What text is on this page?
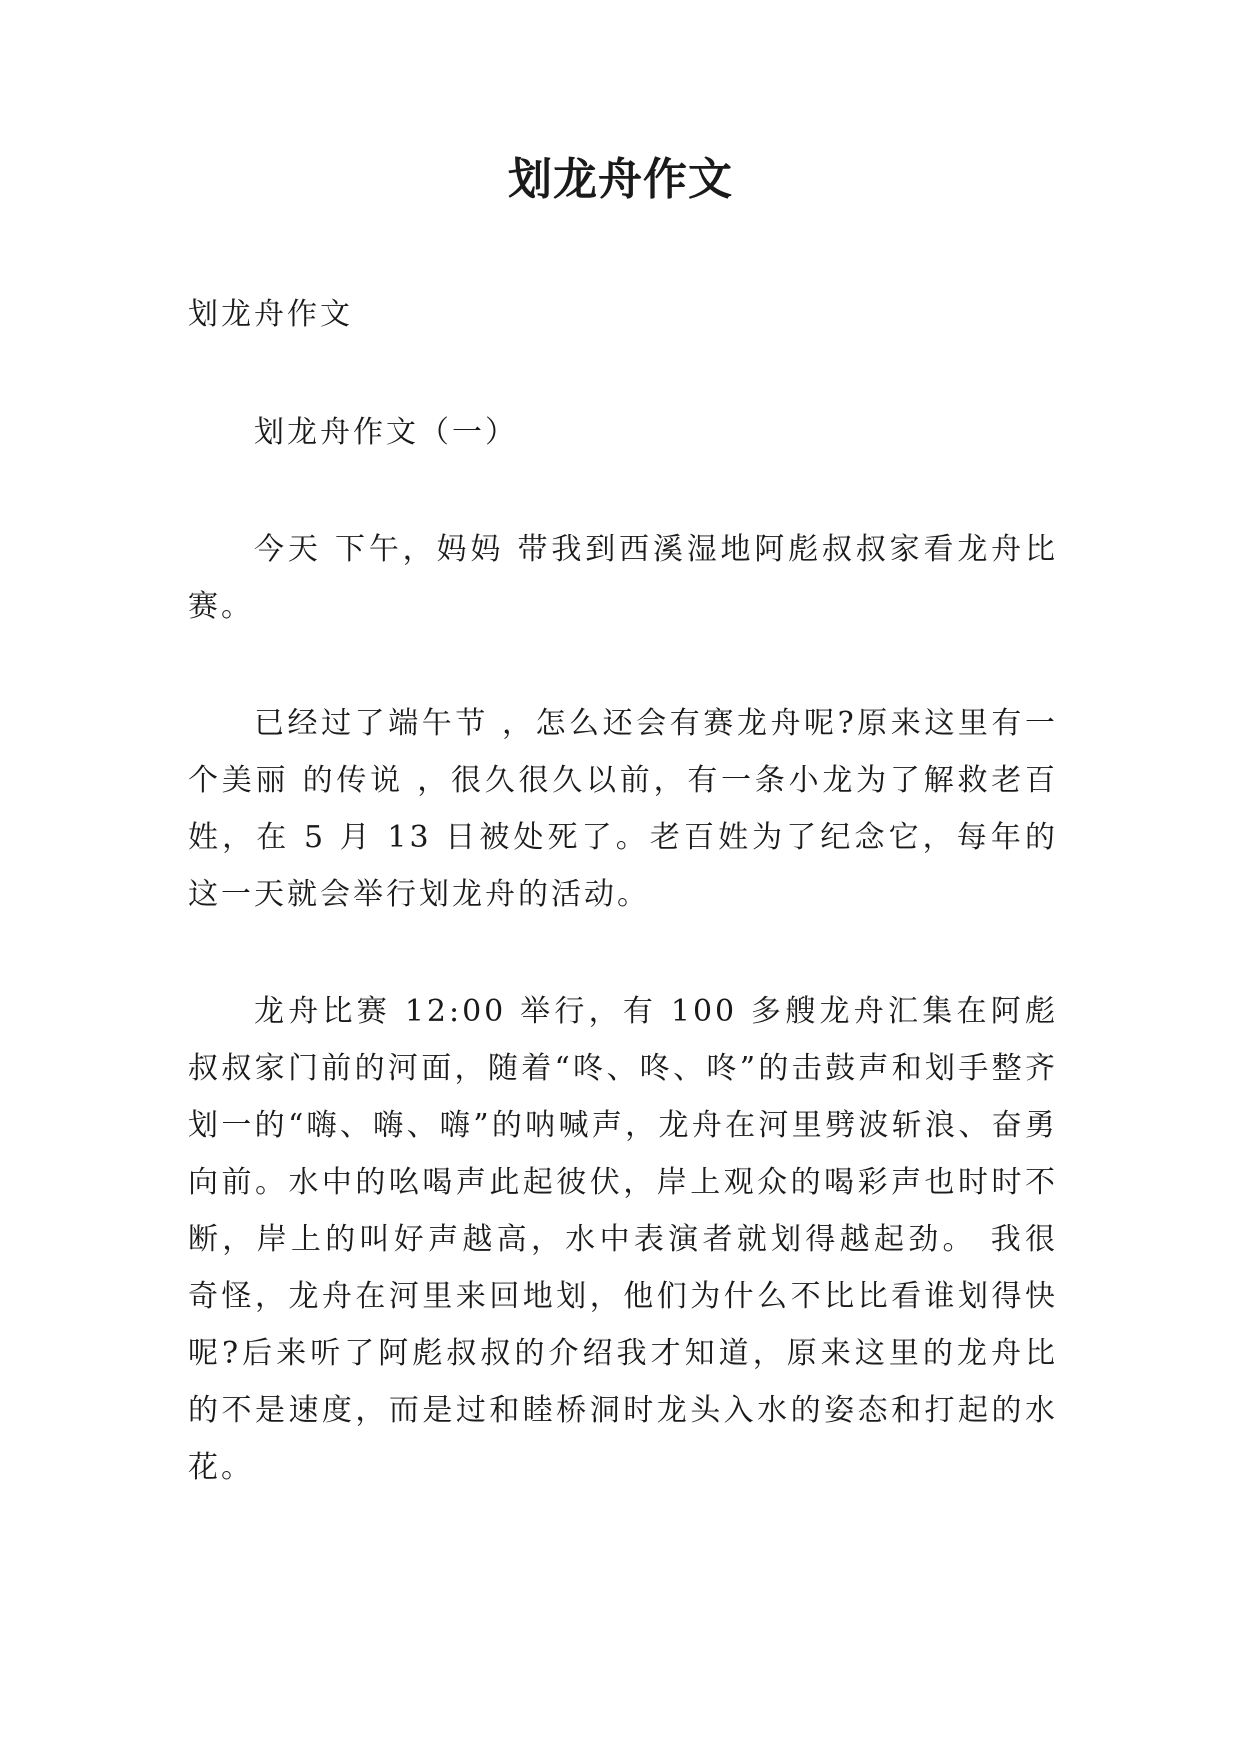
划龙舟作文

划龙舟作文

划龙舟作文（一）

今天 下午，妈妈 带我到西溪湿地阿彪叔叔家看龙舟比赛。

已经过了端午节 ，怎么还会有赛龙舟呢?原来这里有一个美丽 的传说 ，很久很久以前，有一条小龙为了解救老百姓，在 5 月 13 日被处死了。老百姓为了纪念它，每年的这一天就会举行划龙舟的活动。

龙舟比赛 12:00 举行，有 100 多艘龙舟汇集在阿彪叔叔家门前的河面，随着“咚、咚、咚”的击鼓声和划手整齐划一的“嗨、嗨、嗨”的呐喊声，龙舟在河里劈波斩浪、奋勇向前。水中的吆喝声此起彼伏，岸上观众的喝彩声也时时不断，岸上的叫好声越高，水中表演者就划得越起劲。 我很奇怪，龙舟在河里来回地划，他们为什么不比比看谁划得快呢?后来听了阿彪叔叔的介绍我才知道，原来这里的龙舟比的不是速度，而是过和睦桥洞时龙头入水的姿态和打起的水花。
